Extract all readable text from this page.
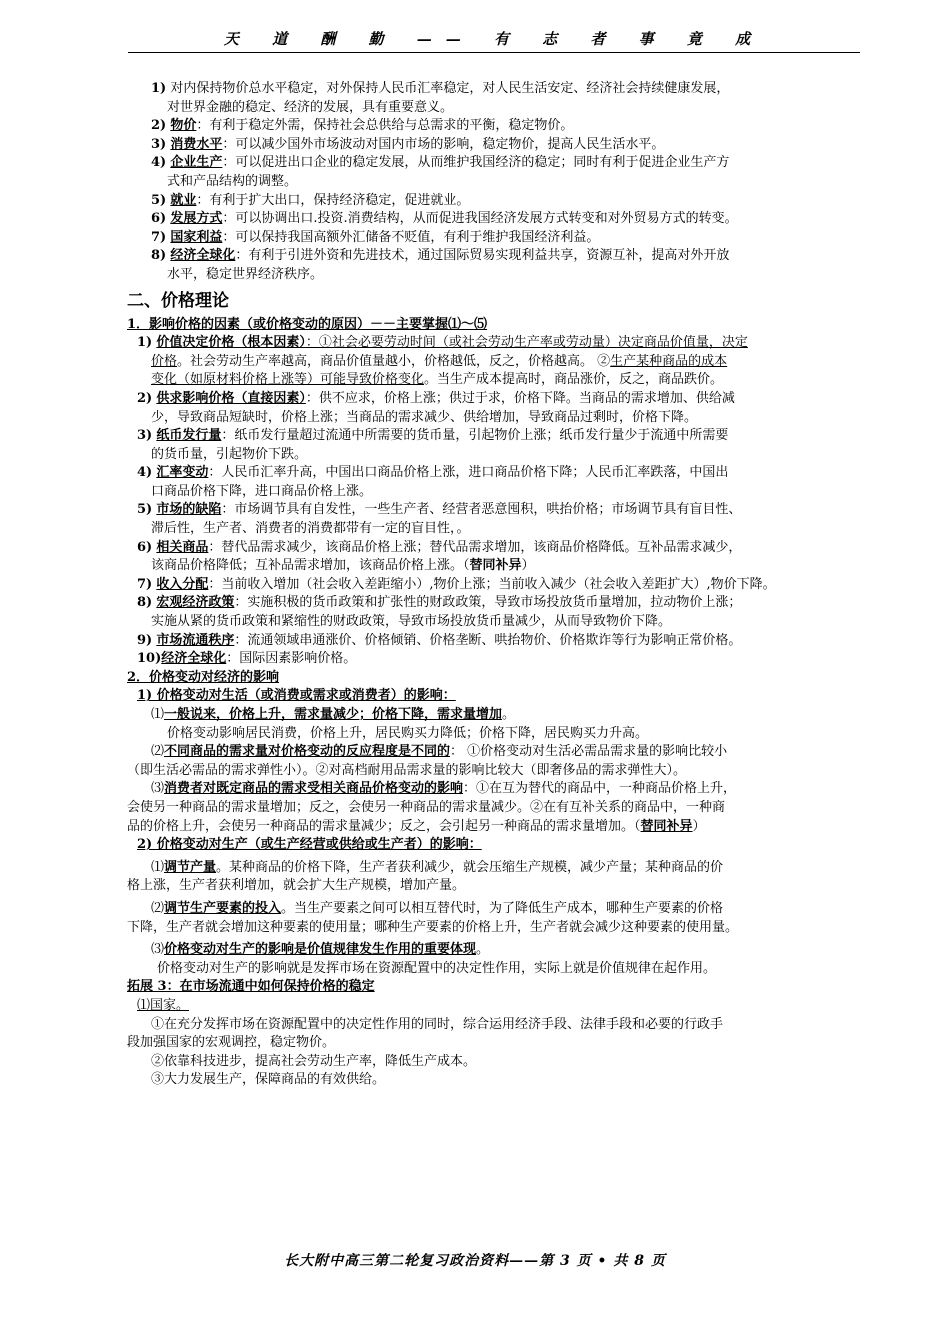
天 道 酬 勤 —— 有 志 者 事 竟 成
1) 对内保持物价总水平稳定，对外保持人民币汇率稳定，对人民生活安定、经济社会持续健康发展，
对世界金融的稳定、经济的发展，具有重要意义。
2) 物价：有利于稳定外需，保持社会总供给与总需求的平衡，稳定物价。
3) 消费水平：可以减少国外市场波动对国内市场的影响，稳定物价，提高人民生活水平。
4) 企业生产：可以促进出口企业的稳定发展，从而维护我国经济的稳定；同时有利于促进企业生产方
式和产品结构的调整。
5) 就业：有利于扩大出口，保持经济稳定，促进就业。
6) 发展方式：可以协调出口.投资.消费结构，从而促进我国经济发展方式转变和对外贸易方式的转变。
7) 国家利益：可以保持我国高额外汇储备不贬值，有利于维护我国经济利益。
8) 经济全球化：有利于引进外资和先进技术，通过国际贸易实现利益共享，资源互补，提高对外开放
水平，稳定世界经济秩序。
二、价格理论
1．影响价格的因素（或价格变动的原因）－－主要掌握⑴～⑸
1) 价值决定价格（根本因素）：①社会必要劳动时间（或社会劳动生产率或劳动量）决定商品价值量，决定
价格。社会劳动生产率越高，商品价值量越小，价格越低，反之，价格越高。 ②生产某种商品的成本
变化（如原材料价格上涨等）可能导致价格变化。当生产成本提高时，商品涨价，反之，商品跌价。
2) 供求影响价格（直接因素）：供不应求，价格上涨；供过于求，价格下降。当商品的需求增加、供给减
少，导致商品短缺时，价格上涨；当商品的需求减少、供给增加，导致商品过剩时，价格下降。
3) 纸币发行量：纸币发行量超过流通中所需要的货币量，引起物价上涨；纸币发行量少于流通中所需要
的货币量，引起物价下跌。
4) 汇率变动：人民币汇率升高，中国出口商品价格上涨，进口商品价格下降；人民币汇率跌落，中国出
口商品价格下降，进口商品价格上涨。
5) 市场的缺陷：市场调节具有自发性，一些生产者、经营者恶意囤积，哄抬价格；市场调节具有盲目性、
滞后性，生产者、消费者的消费都带有一定的盲目性，。
6) 相关商品：替代品需求减少，该商品价格上涨；替代品需求增加，该商品价格降低。互补品需求减少，
该商品价格降低；互补品需求增加，该商品价格上涨。（替同补异）
7) 收入分配：当前收入增加（社会收入差距缩小）,物价上涨；当前收入减少（社会收入差距扩大）,物价下降。
8) 宏观经济政策：实施积极的货币政策和扩张性的财政政策，导致市场投放货币量增加，拉动物价上涨；
实施从紧的货币政策和紧缩性的财政政策，导致市场投放货币量减少，从而导致物价下降。
9) 市场流通秩序：流通领域串通涨价、价格倾销、价格垄断、哄抬物价、价格欺诈等行为影响正常价格。
10)经济全球化：国际因素影响价格。
2．价格变动对经济的影响
1) 价格变动对生活（或消费或需求或消费者）的影响：
⑴一般说来，价格上升，需求量减少；价格下降，需求量增加。
价格变动影响居民消费，价格上升，居民购买力降低；价格下降，居民购买力升高。
⑵不同商品的需求量对价格变动的反应程度是不同的： ①价格变动对生活必需品需求量的影响比较小
（即生活必需品的需求弹性小）。②对高档耐用品需求量的影响比较大（即奢侈品的需求弹性大）。
⑶消费者对既定商品的需求受相关商品价格变动的影响：①在互为替代的商品中，一种商品价格上升，
会使另一种商品的需求量增加；反之，会使另一种商品的需求量减少。②在有互补关系的商品中，一种商
品的价格上升，会使另一种商品的需求量减少；反之，会引起另一种商品的需求量增加。（替同补异）
2) 价格变动对生产（或生产经营或供给或生产者）的影响：
⑴调节产量。某种商品的价格下降，生产者获利减少，就会压缩生产规模，减少产量；某种商品的价
格上涨，生产者获利增加，就会扩大生产规模，增加产量。
⑵调节生产要素的投入。当生产要素之间可以相互替代时，为了降低生产成本，哪种生产要素的价格
下降，生产者就会增加这种要素的使用量；哪种生产要素的价格上升，生产者就会减少这种要素的使用量。
⑶价格变动对生产的影响是价值规律发生作用的重要体现。
价格变动对生产的影响就是发挥市场在资源配置中的决定性作用，实际上就是价值规律在起作用。
拓展 3：在市场流通中如何保持价格的稳定
⑴国家。
①在充分发挥市场在资源配置中的决定性作用的同时，综合运用经济手段、法律手段和必要的行政手
段加强国家的宏观调控，稳定物价。
②依靠科技进步，提高社会劳动生产率，降低生产成本。
③大力发展生产，保障商品的有效供给。
长大附中高三第二轮复习政治资料——第 3 页 • 共 8 页
